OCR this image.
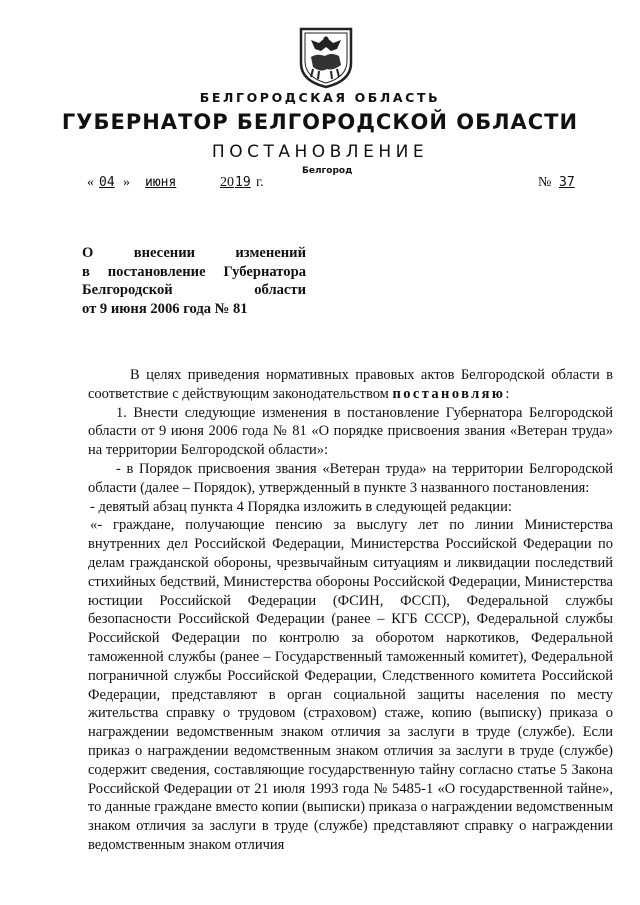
БЕЛГОРОДСКАЯ ОБЛАСТЬ
ГУБЕРНАТОР БЕЛГОРОДСКОЙ ОБЛАСТИ
ПОСТАНОВЛЕНИЕ
Белгород
« 04 » июня	20 19 г.	№ 37
О внесении изменений
в постановление Губернатора
Белгородской области
от 9 июня 2006 года № 81

В целях приведения нормативных правовых актов Белгородской области в соответствие с действующим законодательством постановляю:

1. Внести следующие изменения в постановление Губернатора Белгородской области от 9 июня 2006 года № 81 «О порядке присвоения звания «Ветеран труда» на территории Белгородской области»:

- в Порядок присвоения звания «Ветеран труда» на территории Белгородской области (далее – Порядок), утвержденный в пункте 3 названного постановления:

- девятый абзац пункта 4 Порядка изложить в следующей редакции:

«- граждане, получающие пенсию за выслугу лет по линии Министерства внутренних дел Российской Федерации, Министерства Российской Федерации по делам гражданской обороны, чрезвычайным ситуациям и ликвидации последствий стихийных бедствий, Министерства обороны Российской Федерации, Министерства юстиции Российской Федерации (ФСИН, ФССП), Федеральной службы безопасности Российской Федерации (ранее – КГБ СССР), Федеральной службы Российской Федерации по контролю за оборотом наркотиков, Федеральной таможенной службы (ранее – Государственный таможенный комитет), Федеральной пограничной службы Российской Федерации, Следственного комитета Российской Федерации, представляют в орган социальной защиты населения по месту жительства справку о трудовом (страховом) стаже, копию (выписку) приказа о награждении ведомственным знаком отличия за заслуги в труде (службе). Если приказ о награждении ведомственным знаком отличия за заслуги в труде (службе) содержит сведения, составляющие государственную тайну согласно статье 5 Закона Российской Федерации от 21 июля 1993 года № 5485-1 «О государственной тайне», то данные граждане вместо копии (выписки) приказа о награждении ведомственным знаком отличия за заслуги в труде (службе) представляют справку о награждении ведомственным знаком отличия
